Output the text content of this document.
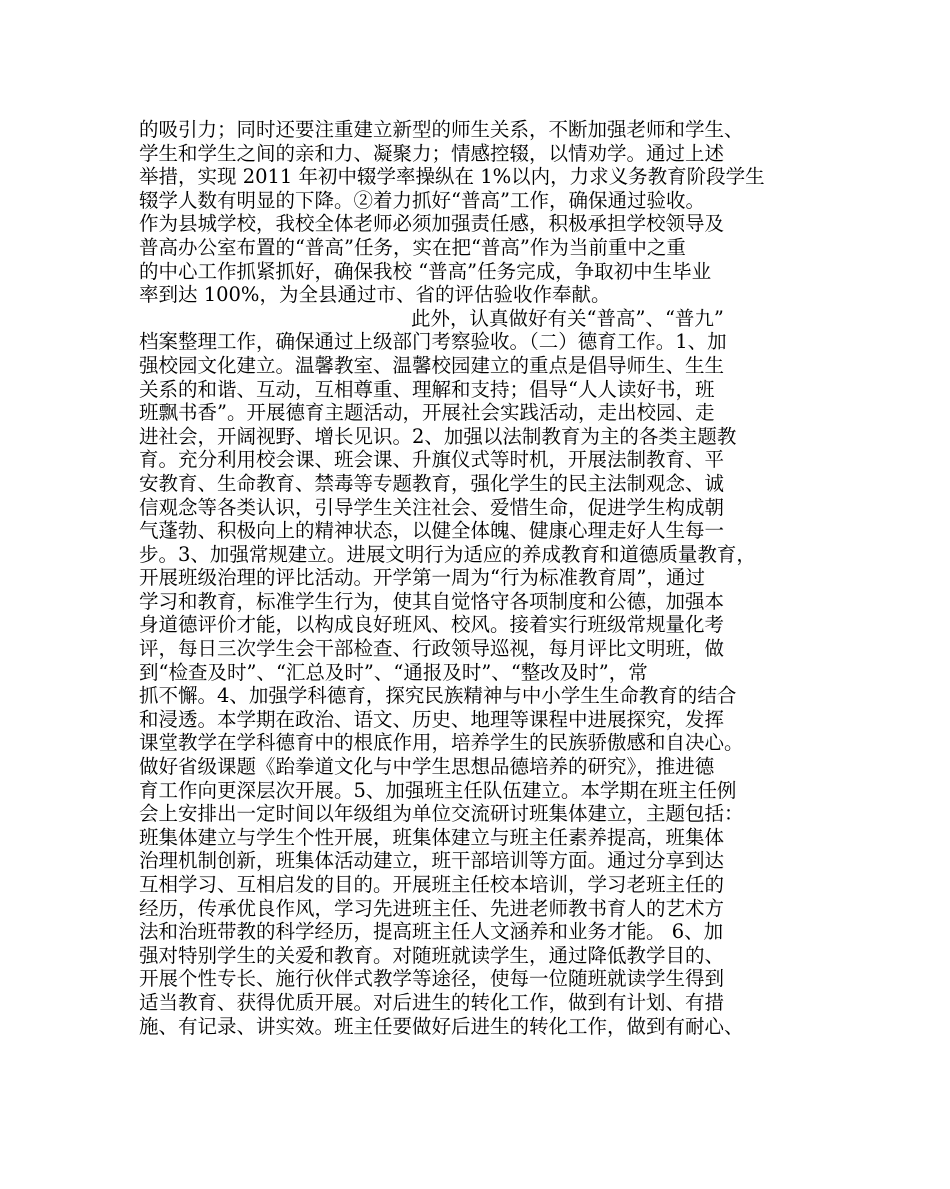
的吸引力；同时还要注重建立新型的师生关系，不断加强老师和学生、
学生和学生之间的亲和力、凝聚力；情感控辍，以情劝学。通过上述
举措，实现 2011 年初中辍学率操纵在 1%以内，力求义务教育阶段学生
辍学人数有明显的下降。②着力抓好“普高”工作，确保通过验收。
作为县城学校，我校全体老师必须加强责任感，积极承担学校领导及
普高办公室布置的“普高”任务，实在把“普高”作为当前重中之重
的中心工作抓紧抓好，确保我校 “普高”任务完成，争取初中生毕业
率到达 100%，为全县通过市、省的评估验收作奉献。
此外，认真做好有关“普高”、“普九”
档案整理工作，确保通过上级部门考察验收。（二）德育工作。1、加
强校园文化建立。温馨教室、温馨校园建立的重点是倡导师生、生生
关系的和谐、互动，互相尊重、理解和支持；倡导“人人读好书，班
班飘书香”。开展德育主题活动，开展社会实践活动，走出校园、走
进社会，开阔视野、增长见识。2、加强以法制教育为主的各类主题教
育。充分利用校会课、班会课、升旗仪式等时机，开展法制教育、平
安教育、生命教育、禁毒等专题教育，强化学生的民主法制观念、诚
信观念等各类认识，引导学生关注社会、爱惜生命，促进学生构成朝
气蓬勃、积极向上的精神状态，以健全体魄、健康心理走好人生每一
步。3、加强常规建立。进展文明行为适应的养成教育和道德质量教育，
开展班级治理的评比活动。开学第一周为“行为标准教育周”，通过
学习和教育，标准学生行为，使其自觉恪守各项制度和公德，加强本
身道德评价才能，以构成良好班风、校风。接着实行班级常规量化考
评，每日三次学生会干部检查、行政领导巡视，每月评比文明班，做
到“检查及时”、“汇总及时”、“通报及时”、“整改及时”，常
抓不懈。4、加强学科德育，探究民族精神与中小学生生命教育的结合
和浸透。本学期在政治、语文、历史、地理等课程中进展探究，发挥
课堂教学在学科德育中的根底作用，培养学生的民族骄傲感和自决心。
做好省级课题《跆拳道文化与中学生思想品德培养的研究》，推进德
育工作向更深层次开展。5、加强班主任队伍建立。本学期在班主任例
会上安排出一定时间以年级组为单位交流研讨班集体建立，主题包括：
班集体建立与学生个性开展，班集体建立与班主任素养提高，班集体
治理机制创新，班集体活动建立，班干部培训等方面。通过分享到达
互相学习、互相启发的目的。开展班主任校本培训，学习老班主任的
经历，传承优良作风，学习先进班主任、先进老师教书育人的艺术方
法和治班带教的科学经历，提高班主任人文涵养和业务才能。 6、加
强对特别学生的关爱和教育。对随班就读学生，通过降低教学目的、
开展个性专长、施行伙伴式教学等途径，使每一位随班就读学生得到
适当教育、获得优质开展。对后进生的转化工作，做到有计划、有措
施、有记录、讲实效。班主任要做好后进生的转化工作，做到有耐心、
